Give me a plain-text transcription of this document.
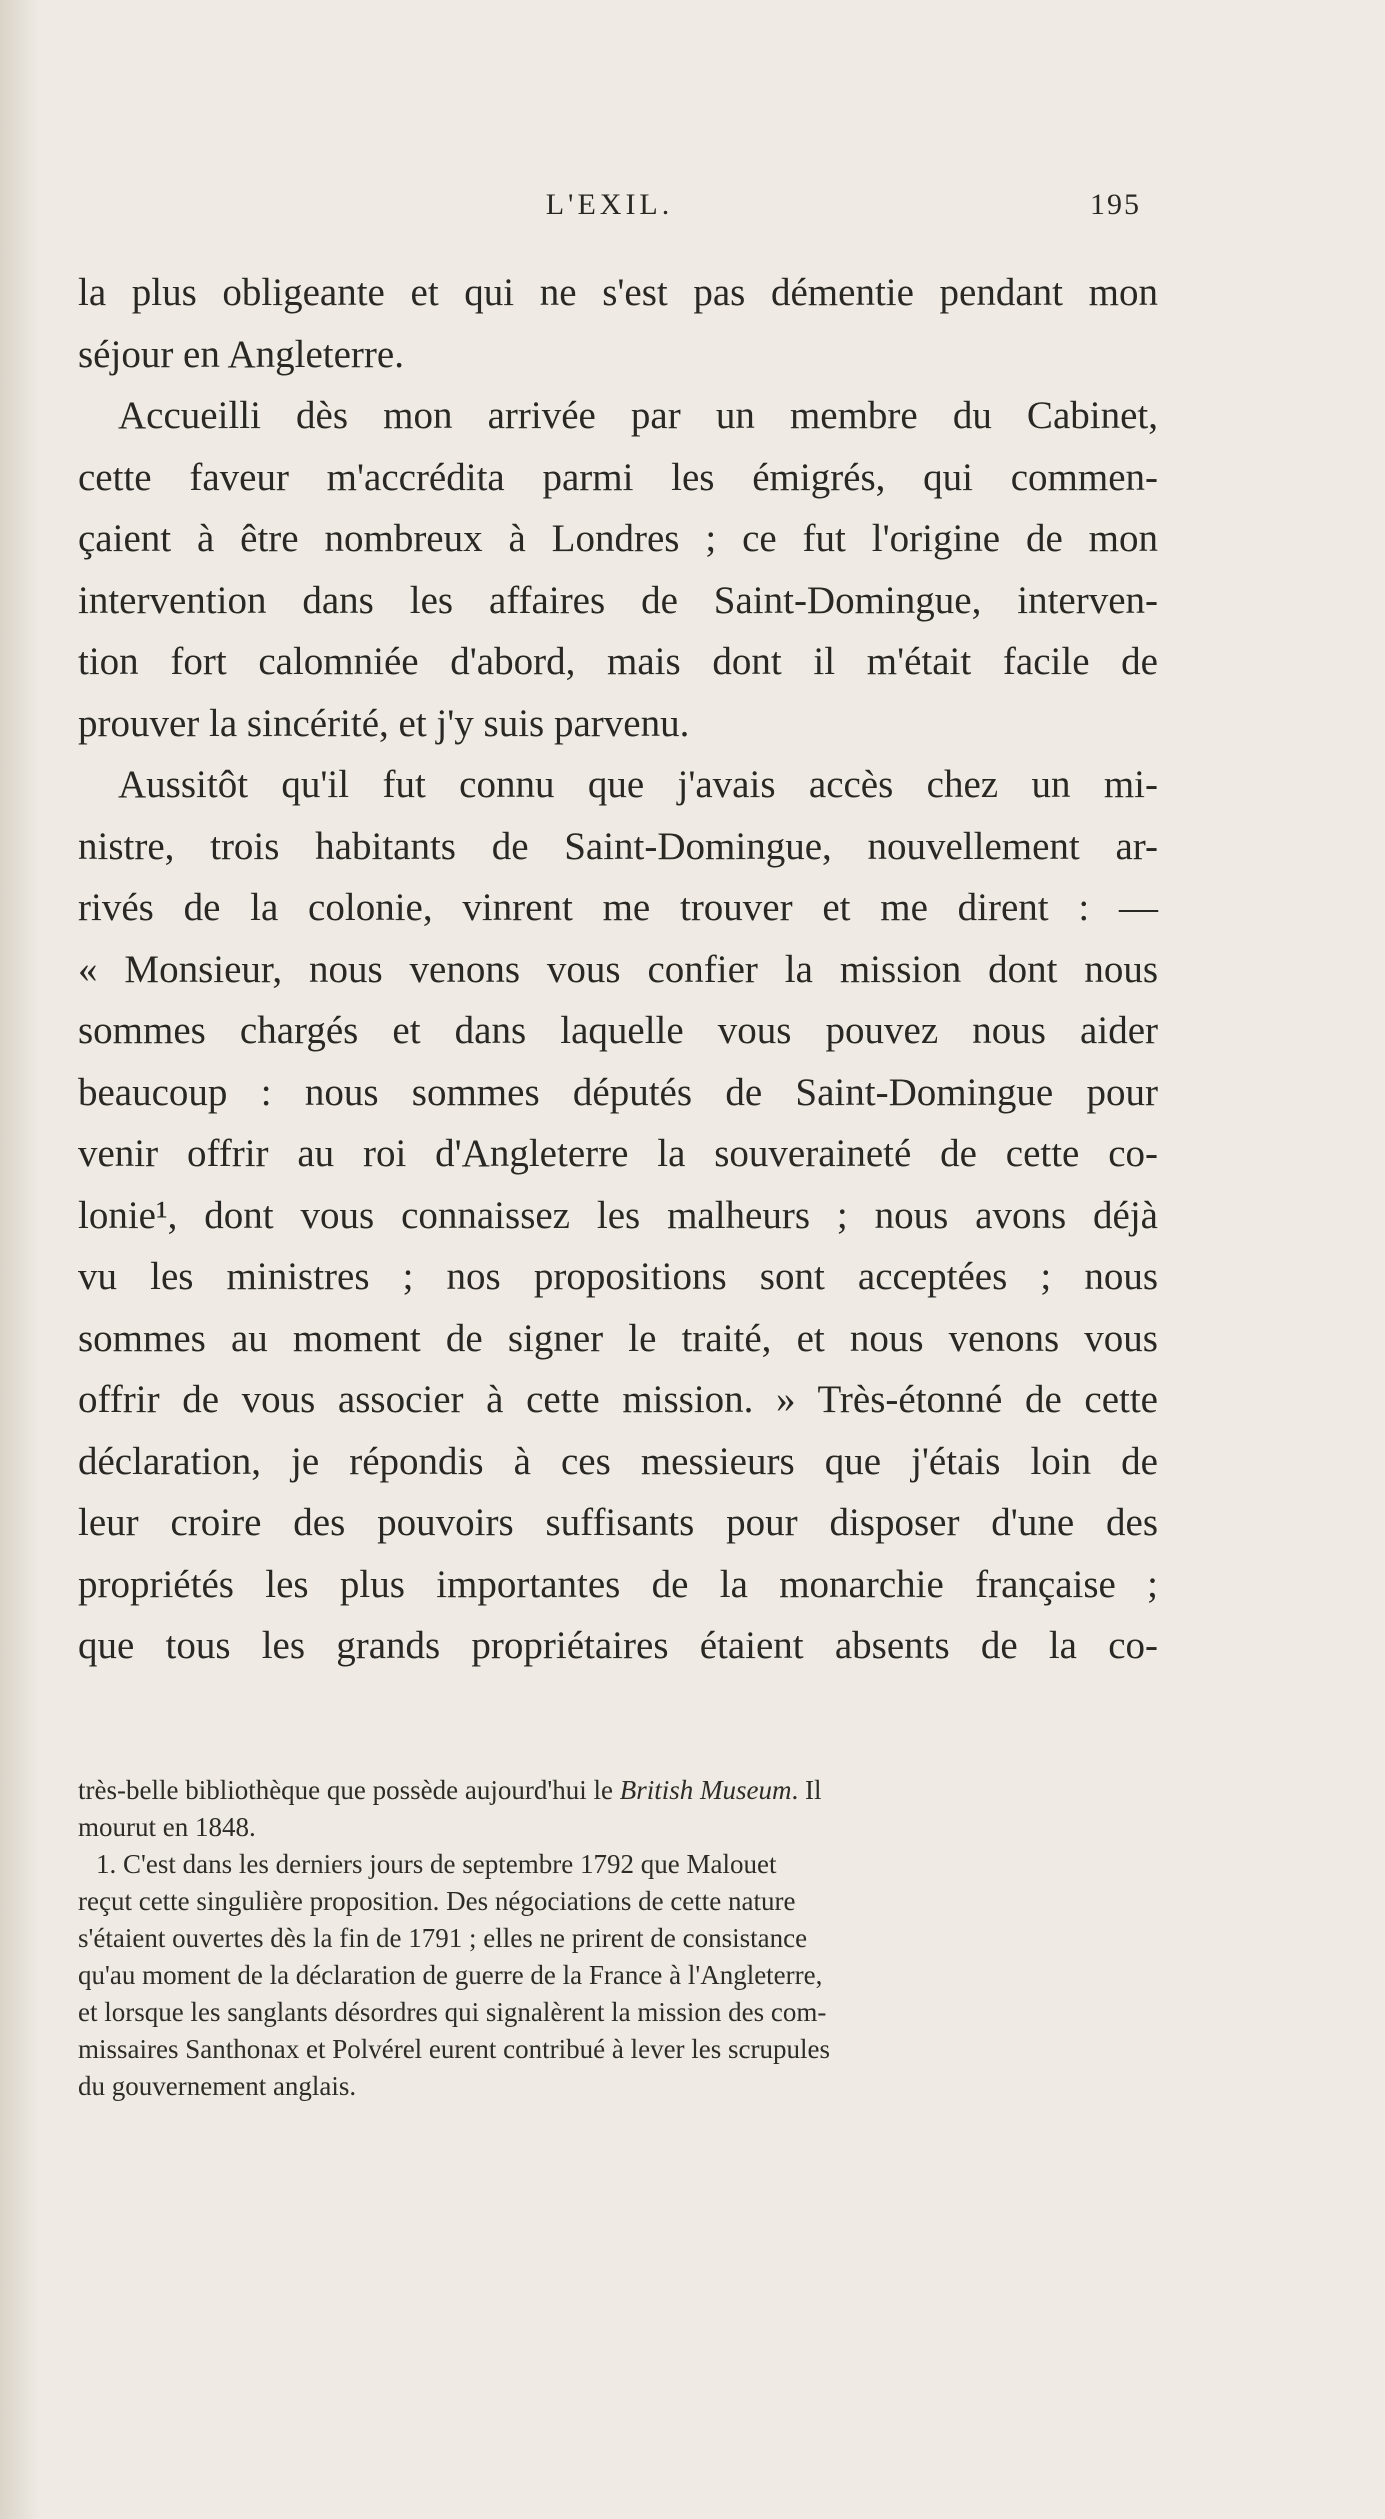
L'EXIL.	195
la plus obligeante et qui ne s'est pas démentie pendant mon
séjour en Angleterre.
Accueilli dès mon arrivée par un membre du Cabinet,
cette faveur m'accrédita parmi les émigrés, qui commen-
çaient à être nombreux à Londres ; ce fut l'origine de mon
intervention dans les affaires de Saint-Domingue, interven-
tion fort calomniée d'abord, mais dont il m'était facile de
prouver la sincérité, et j'y suis parvenu.
Aussitôt qu'il fut connu que j'avais accès chez un mi-
nistre, trois habitants de Saint-Domingue, nouvellement ar-
rivés de la colonie, vinrent me trouver et me dirent : —
« Monsieur, nous venons vous confier la mission dont nous
sommes chargés et dans laquelle vous pouvez nous aider
beaucoup : nous sommes députés de Saint-Domingue pour
venir offrir au roi d'Angleterre la souveraineté de cette co-
lonie¹, dont vous connaissez les malheurs ; nous avons déjà
vu les ministres ; nos propositions sont acceptées ; nous
sommes au moment de signer le traité, et nous venons vous
offrir de vous associer à cette mission. » Très-étonné de cette
déclaration, je répondis à ces messieurs que j'étais loin de
leur croire des pouvoirs suffisants pour disposer d'une des
propriétés les plus importantes de la monarchie française ;
que tous les grands propriétaires étaient absents de la co-
très-belle bibliothèque que possède aujourd'hui le British Museum. Il
mourut en 1848.
1. C'est dans les derniers jours de septembre 1792 que Malouet
reçut cette singulière proposition. Des négociations de cette nature
s'étaient ouvertes dès la fin de 1791 ; elles ne prirent de consistance
qu'au moment de la déclaration de guerre de la France à l'Angleterre,
et lorsque les sanglants désordres qui signalèrent la mission des com-
missaires Santhonax et Polvérel eurent contribué à lever les scrupules
du gouvernement anglais.
